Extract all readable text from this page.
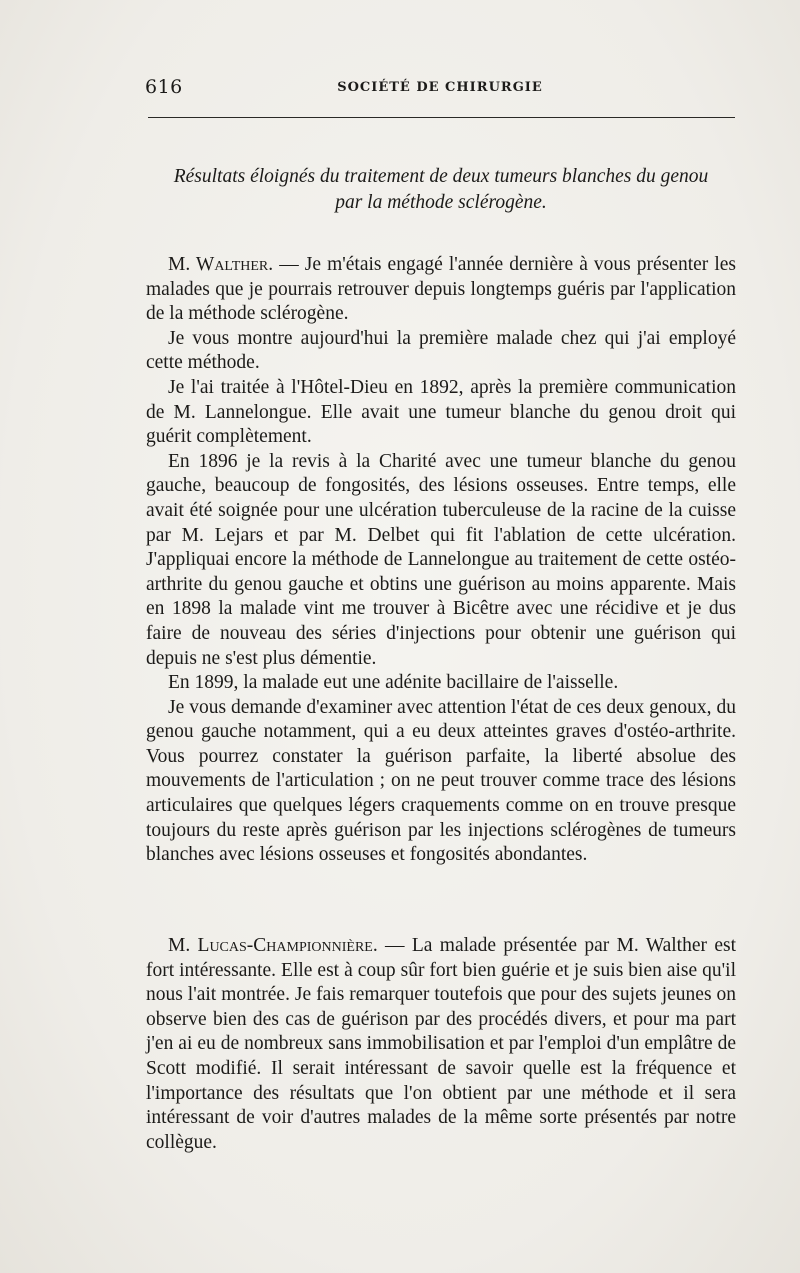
616	SOCIÉTÉ DE CHIRURGIE
Résultats éloignés du traitement de deux tumeurs blanches du genou
par la méthode sclérogène.

M. Walther. — Je m'étais engagé l'année dernière à vous présenter les malades que je pourrais retrouver depuis longtemps guéris par l'application de la méthode sclérogène.

Je vous montre aujourd'hui la première malade chez qui j'ai employé cette méthode.

Je l'ai traitée à l'Hôtel-Dieu en 1892, après la première communication de M. Lannelongue. Elle avait une tumeur blanche du genou droit qui guérit complètement.

En 1896 je la revis à la Charité avec une tumeur blanche du genou gauche, beaucoup de fongosités, des lésions osseuses. Entre temps, elle avait été soignée pour une ulcération tuberculeuse de la racine de la cuisse par M. Lejars et par M. Delbet qui fit l'ablation de cette ulcération. J'appliquai encore la méthode de Lannelongue au traitement de cette ostéo-arthrite du genou gauche et obtins une guérison au moins apparente. Mais en 1898 la malade vint me trouver à Bicêtre avec une récidive et je dus faire de nouveau des séries d'injections pour obtenir une guérison qui depuis ne s'est plus démentie.

En 1899, la malade eut une adénite bacillaire de l'aisselle.

Je vous demande d'examiner avec attention l'état de ces deux genoux, du genou gauche notamment, qui a eu deux atteintes graves d'ostéo-arthrite. Vous pourrez constater la guérison parfaite, la liberté absolue des mouvements de l'articulation ; on ne peut trouver comme trace des lésions articulaires que quelques légers craquements comme on en trouve presque toujours du reste après guérison par les injections sclérogènes de tumeurs blanches avec lésions osseuses et fongosités abondantes.

M. Lucas-Championnière. — La malade présentée par M. Walther est fort intéressante. Elle est à coup sûr fort bien guérie et je suis bien aise qu'il nous l'ait montrée. Je fais remarquer toutefois que pour des sujets jeunes on observe bien des cas de guérison par des procédés divers, et pour ma part j'en ai eu de nombreux sans immobilisation et par l'emploi d'un emplâtre de Scott modifié. Il serait intéressant de savoir quelle est la fréquence et l'importance des résultats que l'on obtient par une méthode et il sera intéressant de voir d'autres malades de la même sorte présentés par notre collègue.
